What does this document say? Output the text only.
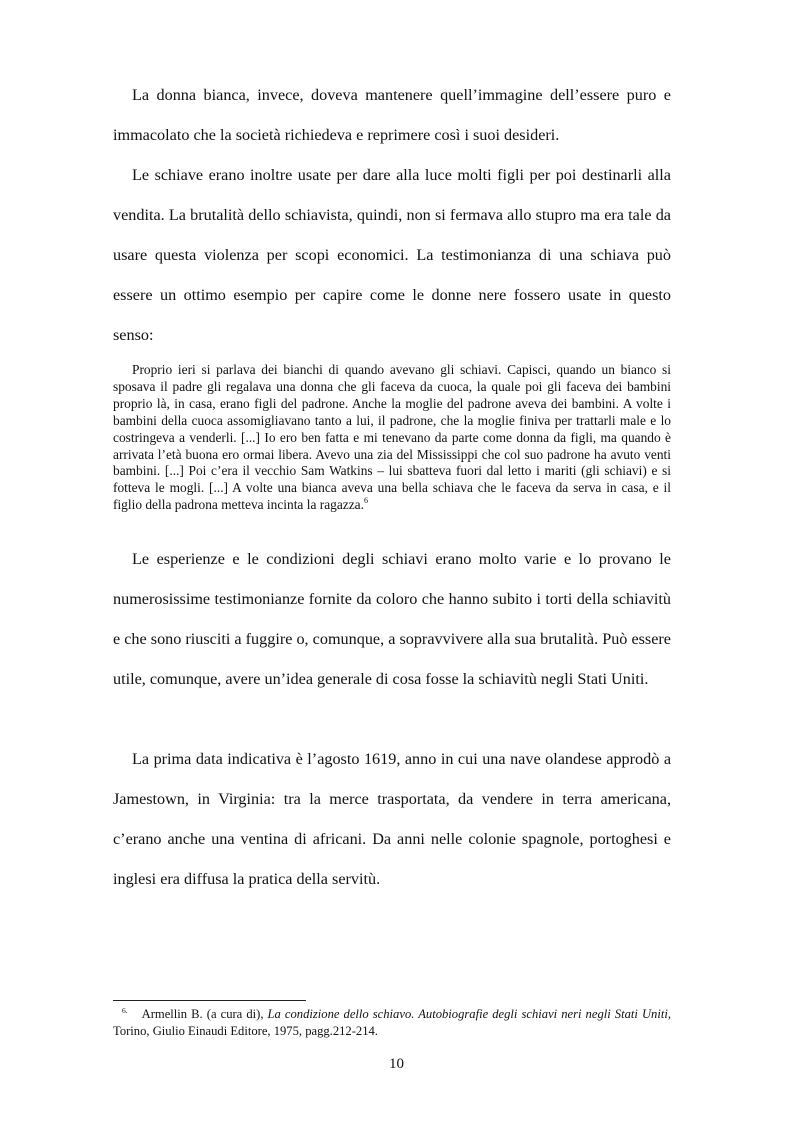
La donna bianca, invece, doveva mantenere quell’immagine dell’essere puro e immacolato che la società richiedeva e reprimere così i suoi desideri.

Le schiave erano inoltre usate per dare alla luce molti figli per poi destinarli alla vendita. La brutalità dello schiavista, quindi, non si fermava allo stupro ma era tale da usare questa violenza per scopi economici. La testimonianza di una schiava può essere un ottimo esempio per capire come le donne nere fossero usate in questo senso:

Proprio ieri si parlava dei bianchi di quando avevano gli schiavi. Capisci, quando un bianco si sposava il padre gli regalava una donna che gli faceva da cuoca, la quale poi gli faceva dei bambini proprio là, in casa, erano figli del padrone. Anche la moglie del padrone aveva dei bambini. A volte i bambini della cuoca assomigliavano tanto a lui, il padrone, che la moglie finiva per trattarli male e lo costringeva a venderli. [...] Io ero ben fatta e mi tenevano da parte come donna da figli, ma quando è arrivata l’età buona ero ormai libera. Avevo una zia del Mississippi che col suo padrone ha avuto venti bambini. [...] Poi c’era il vecchio Sam Watkins – lui sbatteva fuori dal letto i mariti (gli schiavi) e si fotteva le mogli. [...] A volte una bianca aveva una bella schiava che le faceva da serva in casa, e il figlio della padrona metteva incinta la ragazza.$^6$

Le esperienze e le condizioni degli schiavi erano molto varie e lo provano le numerosissime testimonianze fornite da coloro che hanno subito i torti della schiavitù e che sono riusciti a fuggire o, comunque, a sopravvivere alla sua brutalità. Può essere utile, comunque, avere un’idea generale di cosa fosse la schiavitù negli Stati Uniti.

La prima data indicativa è l’agosto 1619, anno in cui una nave olandese approdò a Jamestown, in Virginia: tra la merce trasportata, da vendere in terra americana, c’erano anche una ventina di africani. Da anni nelle colonie spagnole, portoghesi e inglesi era diffusa la pratica della servitù.

$^{6.}$ Armellin B. (a cura di), La condizione dello schiavo. Autobiografie degli schiavi neri negli Stati Uniti, Torino, Giulio Einaudi Editore, 1975, pagg.212-214.

10
